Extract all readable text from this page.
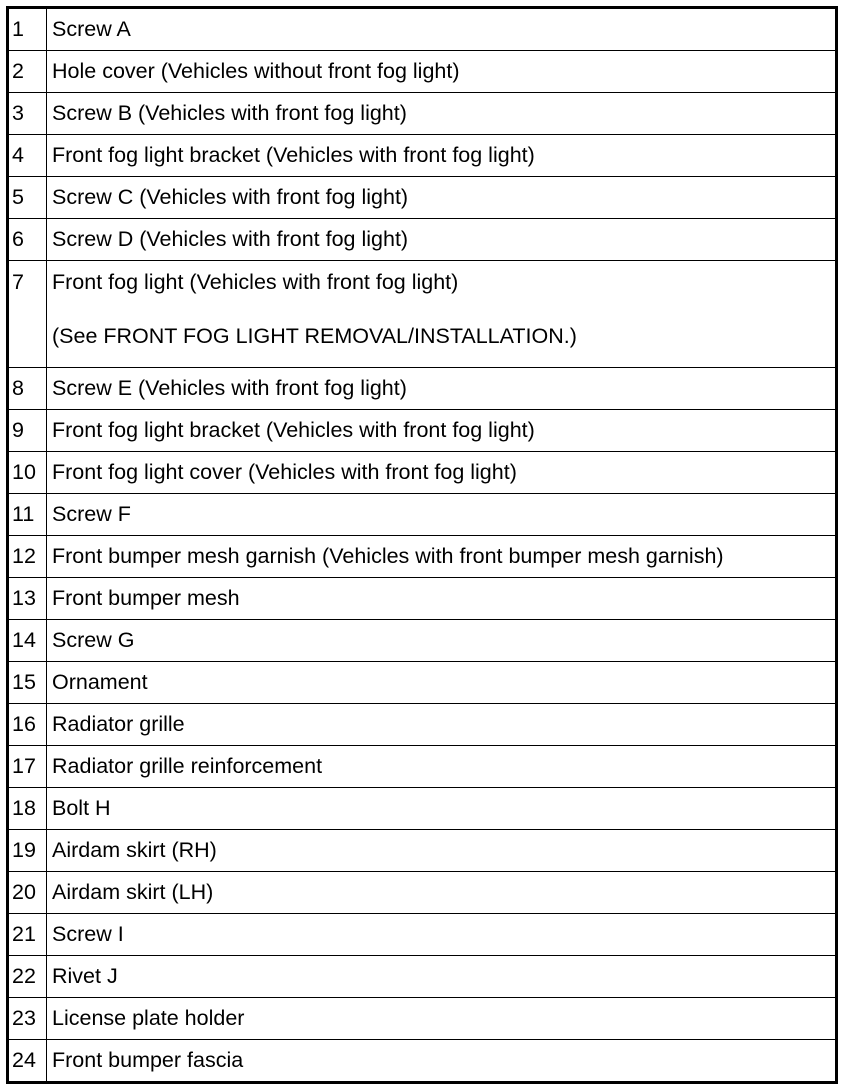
1	Screw A
2	Hole cover (Vehicles without front fog light)
3	Screw B (Vehicles with front fog light)
4	Front fog light bracket (Vehicles with front fog light)
5	Screw C (Vehicles with front fog light)
6	Screw D (Vehicles with front fog light)
7	Front fog light (Vehicles with front fog light)
(See FRONT FOG LIGHT REMOVAL/INSTALLATION.)

8	Screw E (Vehicles with front fog light)
9	Front fog light bracket (Vehicles with front fog light)
10	Front fog light cover (Vehicles with front fog light)
11	Screw F
12	Front bumper mesh garnish (Vehicles with front bumper mesh garnish)
13	Front bumper mesh
14	Screw G
15	Ornament
16	Radiator grille
17	Radiator grille reinforcement
18	Bolt H
19	Airdam skirt (RH)
20	Airdam skirt (LH)
21	Screw I
22	Rivet J
23	License plate holder
24	Front bumper fascia
